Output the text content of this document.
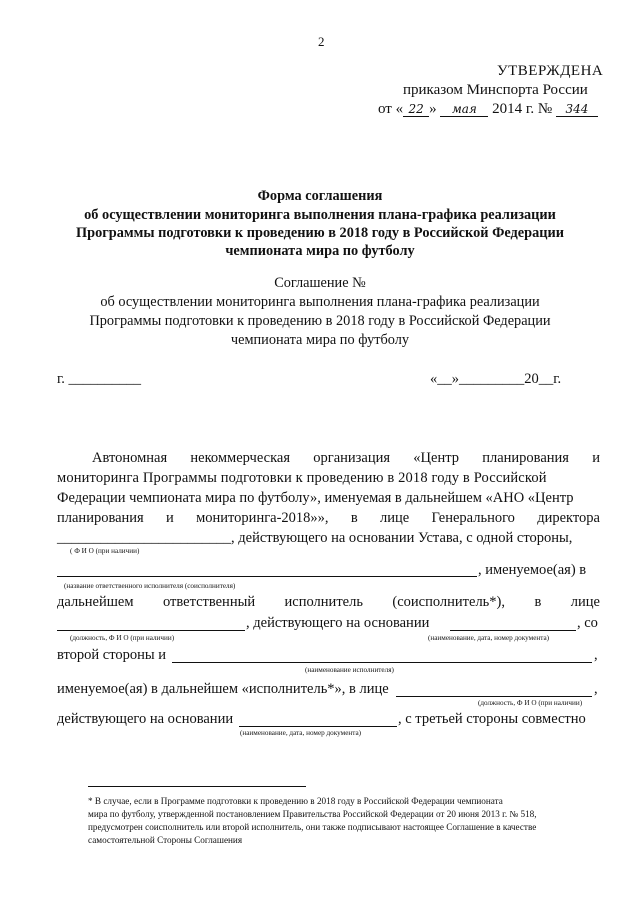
2
УТВЕРЖДЕНА
приказом Минспорта России
от « 22 » мая 2014 г. № 344
Форма соглашения
об осуществлении мониторинга выполнения плана-графика реализации
Программы подготовки к проведению в 2018 году в Российской Федерации
чемпионата мира по футболу
Соглашение №
об осуществлении мониторинга выполнения плана-графика реализации
Программы подготовки к проведению в 2018 году в Российской Федерации
чемпионата мира по футболу
г. __________	«__»_________20__г.
Автономная некоммерческая организация «Центр планирования и
мониторинга Программы подготовки к проведению в 2018 году в Российской
Федерации чемпионата мира по футболу», именуемая в дальнейшем «АНО «Центр
планирования и мониторинга-2018»», в лице Генерального директора
________________________, действующего на основании Устава, с одной стороны,
( Ф И О (при наличии)
, именуемое(ая) в
(название ответственного исполнителя (соисполнителя)
дальнейшем ответственный исполнитель (соисполнитель*), в лице
, действующего на основании	, со
(должность, Ф И О (при наличии)	(наименование, дата, номер документа)
второй стороны и	,
(наименование исполнителя)
именуемое(ая) в дальнейшем «исполнитель*», в лице	,
(должность, Ф И О (при наличии)
действующего на основании	, с третьей стороны совместно
(наименование, дата, номер документа)
* В случае, если в Программе подготовки к проведению в 2018 году в Российской Федерации чемпионата
мира по футболу, утвержденной постановлением Правительства Российской Федерации от 20 июня 2013 г. № 518,
предусмотрен соисполнитель или второй исполнитель, они также подписывают настоящее Соглашение в качестве
самостоятельной Стороны Соглашения
